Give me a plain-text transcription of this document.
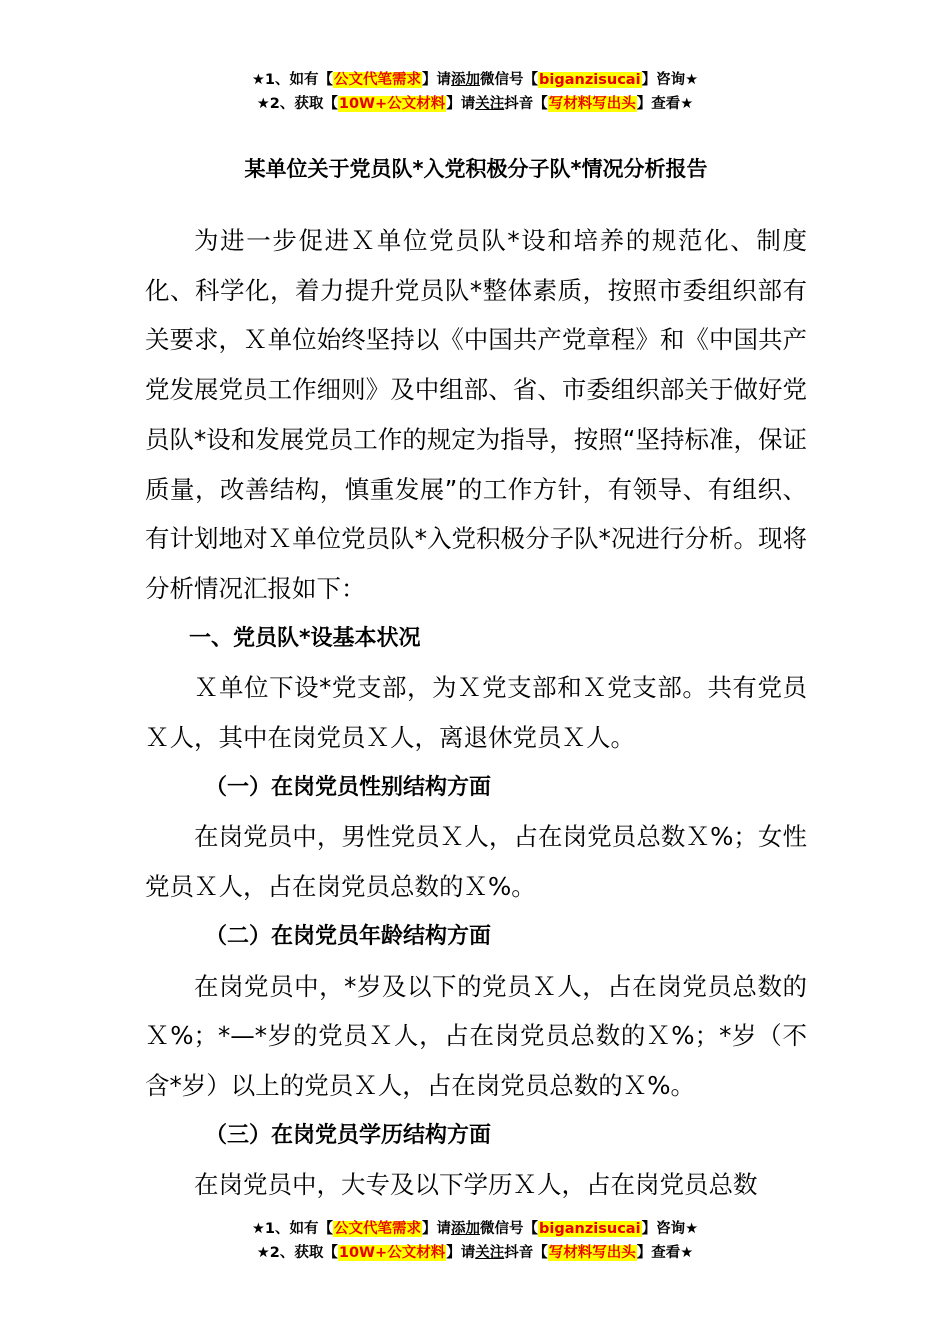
★1、如有【公文代笔需求】请添加微信号【biganzisucai】咨询★
★2、获取【10W+公文材料】请关注抖音【写材料写出头】查看★
某单位关于党员队*入党积极分子队*情况分析报告

为进一步促进Ｘ单位党员队*设和培养的规范化、制度化、科学化，着力提升党员队*整体素质，按照市委组织部有关要求，Ｘ单位始终坚持以《中国共产党章程》和《中国共产党发展党员工作细则》及中组部、省、市委组织部关于做好党员队*设和发展党员工作的规定为指导，按照“坚持标准，保证质量，改善结构，慎重发展”的工作方针，有领导、有组织、有计划地对Ｘ单位党员队*入党积极分子队*况进行分析。现将分析情况汇报如下：

一、党员队*设基本状况

Ｘ单位下设*党支部，为Ｘ党支部和Ｘ党支部。共有党员Ｘ人，其中在岗党员Ｘ人，离退休党员Ｘ人。

（一）在岗党员性别结构方面

在岗党员中，男性党员Ｘ人，占在岗党员总数Ｘ%；女性党员Ｘ人，占在岗党员总数的Ｘ%。

（二）在岗党员年龄结构方面

在岗党员中，*岁及以下的党员Ｘ人，占在岗党员总数的Ｘ%；*—*岁的党员Ｘ人，占在岗党员总数的Ｘ%；*岁（不含*岁）以上的党员Ｘ人，占在岗党员总数的Ｘ%。

（三）在岗党员学历结构方面

在岗党员中，大专及以下学历Ｘ人，占在岗党员总数

★1、如有【公文代笔需求】请添加微信号【biganzisucai】咨询★
★2、获取【10W+公文材料】请关注抖音【写材料写出头】查看★
